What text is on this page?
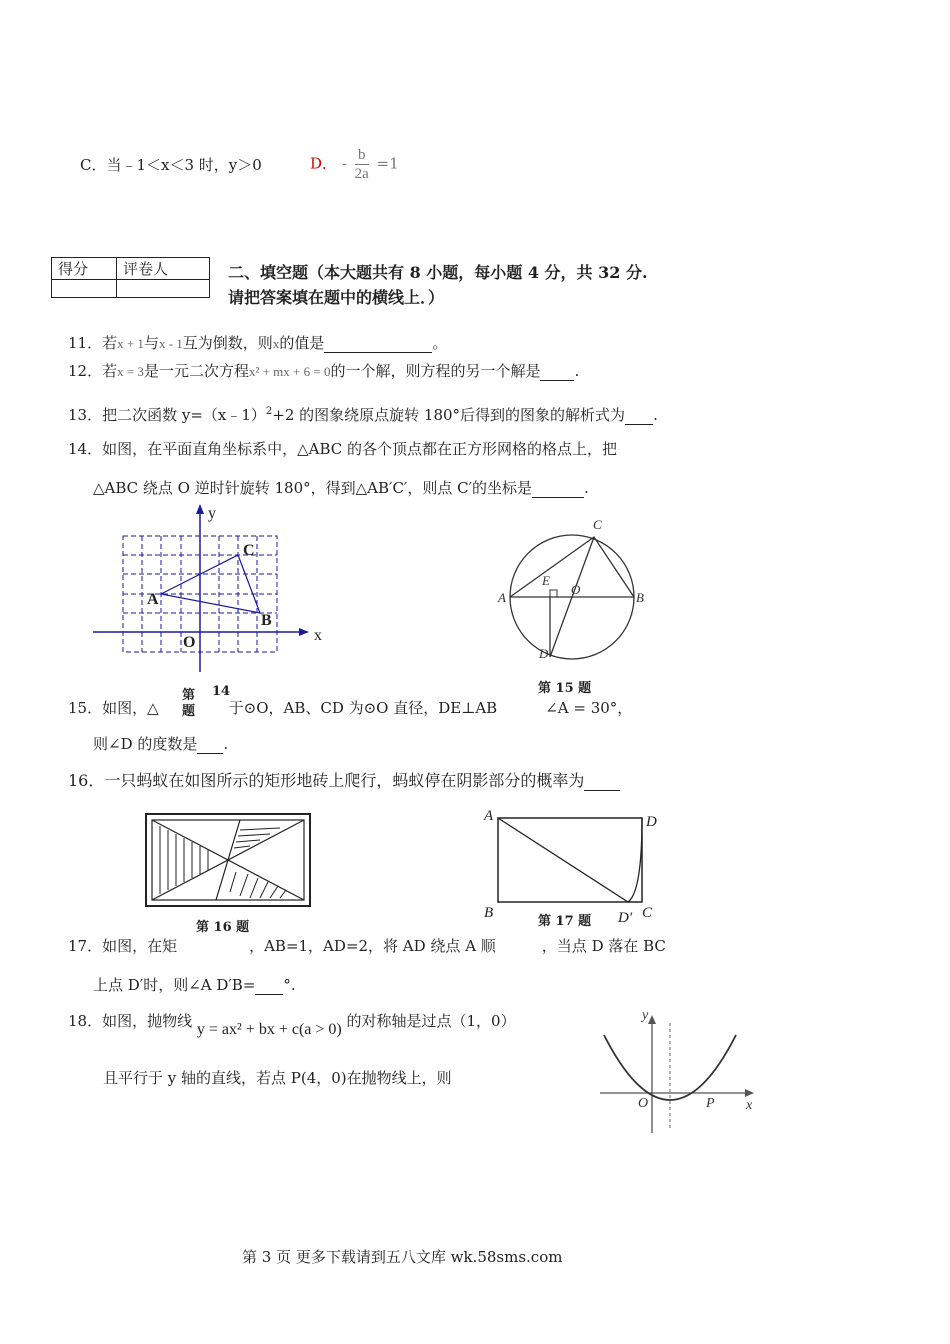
C．当﹣1＜x＜3 时，y＞0	D． - $\frac{b}{2a} =1$
得分	评卷人
		二、填空题（本大题共有 8 小题，每小题 4 分，共 32 分.
请把答案填在题中的横线上．）
11．若x + 1与x - 1互为倒数，则x的值是	。
12．若x = 3是一元二次方程x² + mx + 6 = 0的一个解，则方程的另一个解是 .
13．把二次函数 y=（x﹣1）$^2$+2 的图象绕原点旋转 180°后得到的图象的解析式为 .
14．如图，在平面直角坐标系中，△ABC 的各个顶点都在正方形网格的格点上，把
△ABC 绕点 O 逆时针旋转 180°，得到△AB′C′，则点 C′的坐标是	.
y
x
O
A
B
C
第 14
题
A	B
C
D
E
O
第 15 题
15．如图，△	于⊙O，AB、CD 为⊙O 直径，DE⊥AB	∠A = 30°，
则∠D 的度数是 .
16．一只蚂蚁在如图所示的矩形地砖上爬行，蚂蚁停在阴影部分的概率为
第 16 题
A	D
B	D′ C
第 17 题
17．如图，在矩	，AB=1，AD=2，将 AD 绕点 A 顺	，当点 D 落在 BC
上点 D′时，则∠A D′B= °.
18．如图，抛物线 y = ax² + bx + c(a > 0) 的对称轴是过点（1，0）
且平行于 y 轴的直线，若点 P(4，0)在抛物线上，则
y
x
O	P
第 3 页 更多下载请到五八文库 wk.58sms.com
